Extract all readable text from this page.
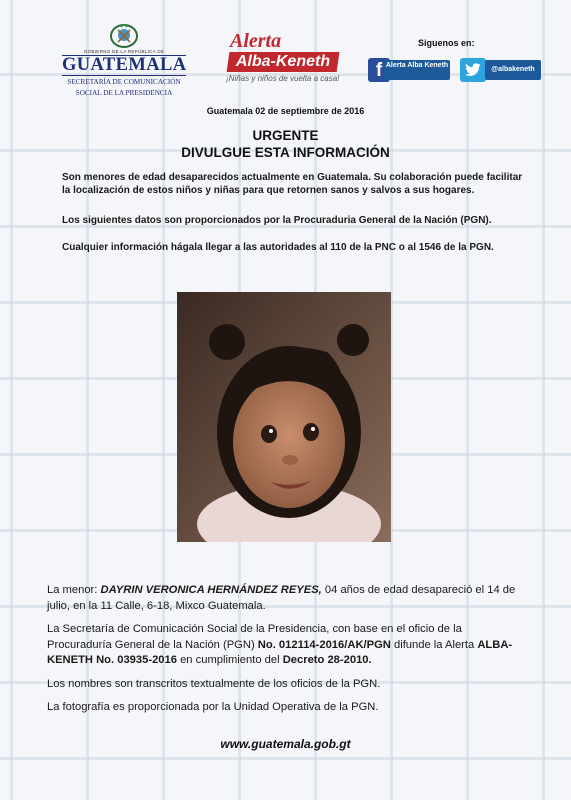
GOBIERNO DE LA REPÚBLICA DE
GUATEMALA
SECRETARÍA DE COMUNICACIÓN
SOCIAL DE LA PRESIDENCIA
Alerta
Alba-Keneth
¡Niñas y niños de vuelta a casa!
Siguenos en:
f Alerta Alba Keneth
@albakeneth
Guatemala 02 de septiembre de 2016
URGENTE
DIVULGUE ESTA INFORMACIÓN
Son menores de edad desaparecidos actualmente en Guatemala. Su colaboración puede facilitar la localización de estos niños y niñas para que retornen sanos y salvos a sus hogares.
Los siguientes datos son proporcionados por la Procuraduria General de la Nación (PGN).
Cualquier información hágala llegar a las autoridades al 110 de la PNC o al 1546 de la PGN.
La menor: DAYRIN VERONICA HERNÁNDEZ REYES, 04 años de edad desapareció el 14 de julio, en la 11 Calle, 6-18, Mixco Guatemala.
La Secretaría de Comunicación Social de la Presidencia, con base en el oficio de la Procuraduría General de la Nación (PGN) No. 012114-2016/AK/PGN difunde la Alerta ALBA-KENETH No. 03935-2016 en cumplimiento del Decreto 28-2010.
Los nombres son transcritos textualmente de los oficios de la PGN.
La fotografía es proporcionada por la Unidad Operativa de la PGN.
www.guatemala.gob.gt
